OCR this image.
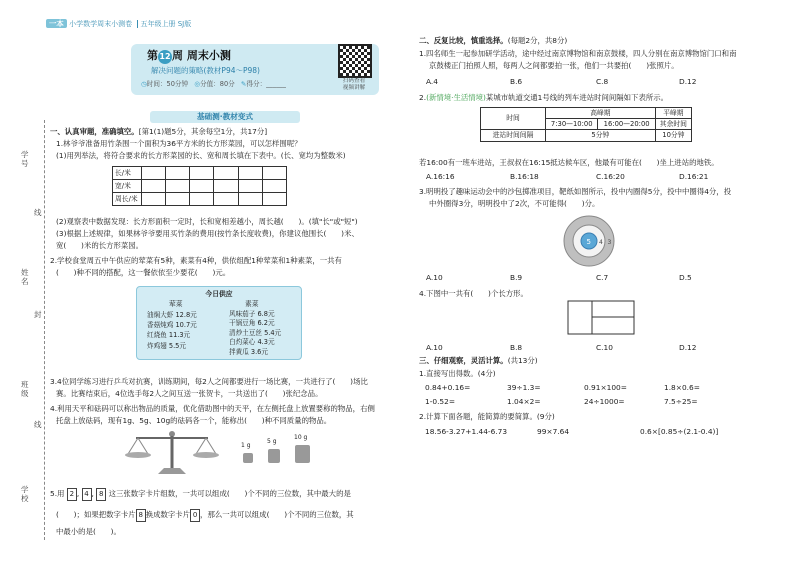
一本 小学数学周末小测卷 五年级上册 SJ版
学号
姓名
班级
学校
线
封
线
第12周 周末小测
解决问题的策略(教材P94～P98)
◷时间：50分钟 ◎分值：80分 ✎得分：______	扫码查看
视频讲解
基础测·教材变式
一、认真审题，准确填空。[第1(1)题5分，其余每空1分，共17分]
1.林爷爷准备用竹条围一个面积为36平方米的长方形菜园，可以怎样围呢？
(1)用列举法，将符合要求的长方形菜园的长、宽和周长填在下表中。(长、宽均为整数米)
长/米						
宽/米						
周长/米						
(2)观察表中数据发现：长方形面积一定时，长和宽相差越小，周长越(　　)。(填"长"或"短")
(3)根据上述规律，如果林爷爷要用买竹条的费用(按竹条长度收费)，你建议他围长(　　)米、
宽(　　)米的长方形菜园。
2.学校食堂周五中午供应的荤菜有5种，素菜有4种，供依组配1种荤菜和1种素菜，一共有
(　　)种不同的搭配，这一餐依依至少要花(　　)元。
今日供应
荤菜	素菜
油焖大虾 12.8元
香菇炖鸡 10.7元
红烧鱼 11.3元
炸鸡翅 5.5元
风味茄子 6.8元
干锅豆角 6.2元
清炒土豆丝 5.4元
白灼菜心 4.3元
拌黄瓜 3.6元
3.4位同学练习进行乒乓对抗赛，训练期间，每2人之间都要进行一场比赛，一共进行了(　　)场比
赛。比赛结束后，4位选手每2人之间互送一张贺卡，一共送出了(　　)张纪念品。
4.利用天平和砝码可以称出物品的质量，优化借助图中的天平，在左侧托盘上放置要称的物品，右侧
托盘上放砝码，现有1g、5g、10g的砝码各一个，能称出(　　)种不同质量的物品。
1 g
5 g
10 g
5.用 2 , 4 , 8 这三张数字卡片组数，一共可以组成(　　)个不同的三位数，其中最大的是
(　　)；如果把数字卡片 8 换成数字卡片 0 ，那么一共可以组成(　　)个不同的三位数，其
中最小的是(　　)。
二、反复比较，慎重选择。(每题2分，共8分)
1.四名师生一起参加研学活动，途中经过南京博物馆和南京鼓楼，四人分别在南京博物馆门口和南
京鼓楼正门拍照人照，每两人之间都要拍一张，他们一共要拍(　　)张照片。
A.4	B.6	C.8	D.12
2.(新情境·生活情境)某城市轨道交通1号线的列车进站时间间隔如下表所示。
时间	高峰期		平峰期
	7:30—10:00	16:00—20:00	其余时间
进站时间间隔	5分钟		10分钟
若16:00有一班车进站，王叔叔在16:15抵达候车区，他最有可能在(　　)坐上进站的地铁。
A.16:16	B.16:18	C.16:20	D.16:21
3.明明投了趣味运动会中的沙包掷准项目，靶纸如图所示，投中内圈得5分，投中中圈得4分，投
中外圈得3分，明明投中了2次，不可能得(　　)分。
5 4 3
A.10	B.9	C.7	D.5
4.下图中一共有(　　)个长方形。
A.10	B.8	C.10	D.12
三、仔细观察，灵活计算。(共13分)
1.直接写出得数。(4分)
0.84+0.16=	39÷1.3=	0.91×100=	1.8×0.6=
1-0.52=	1.04×2=	24÷1000=	7.5÷25=
2.计算下面各题，能简算的要简算。(9分)
18.56-3.27+1.44-6.73	99×7.64	0.6×[0.85÷(2.1-0.4)]
